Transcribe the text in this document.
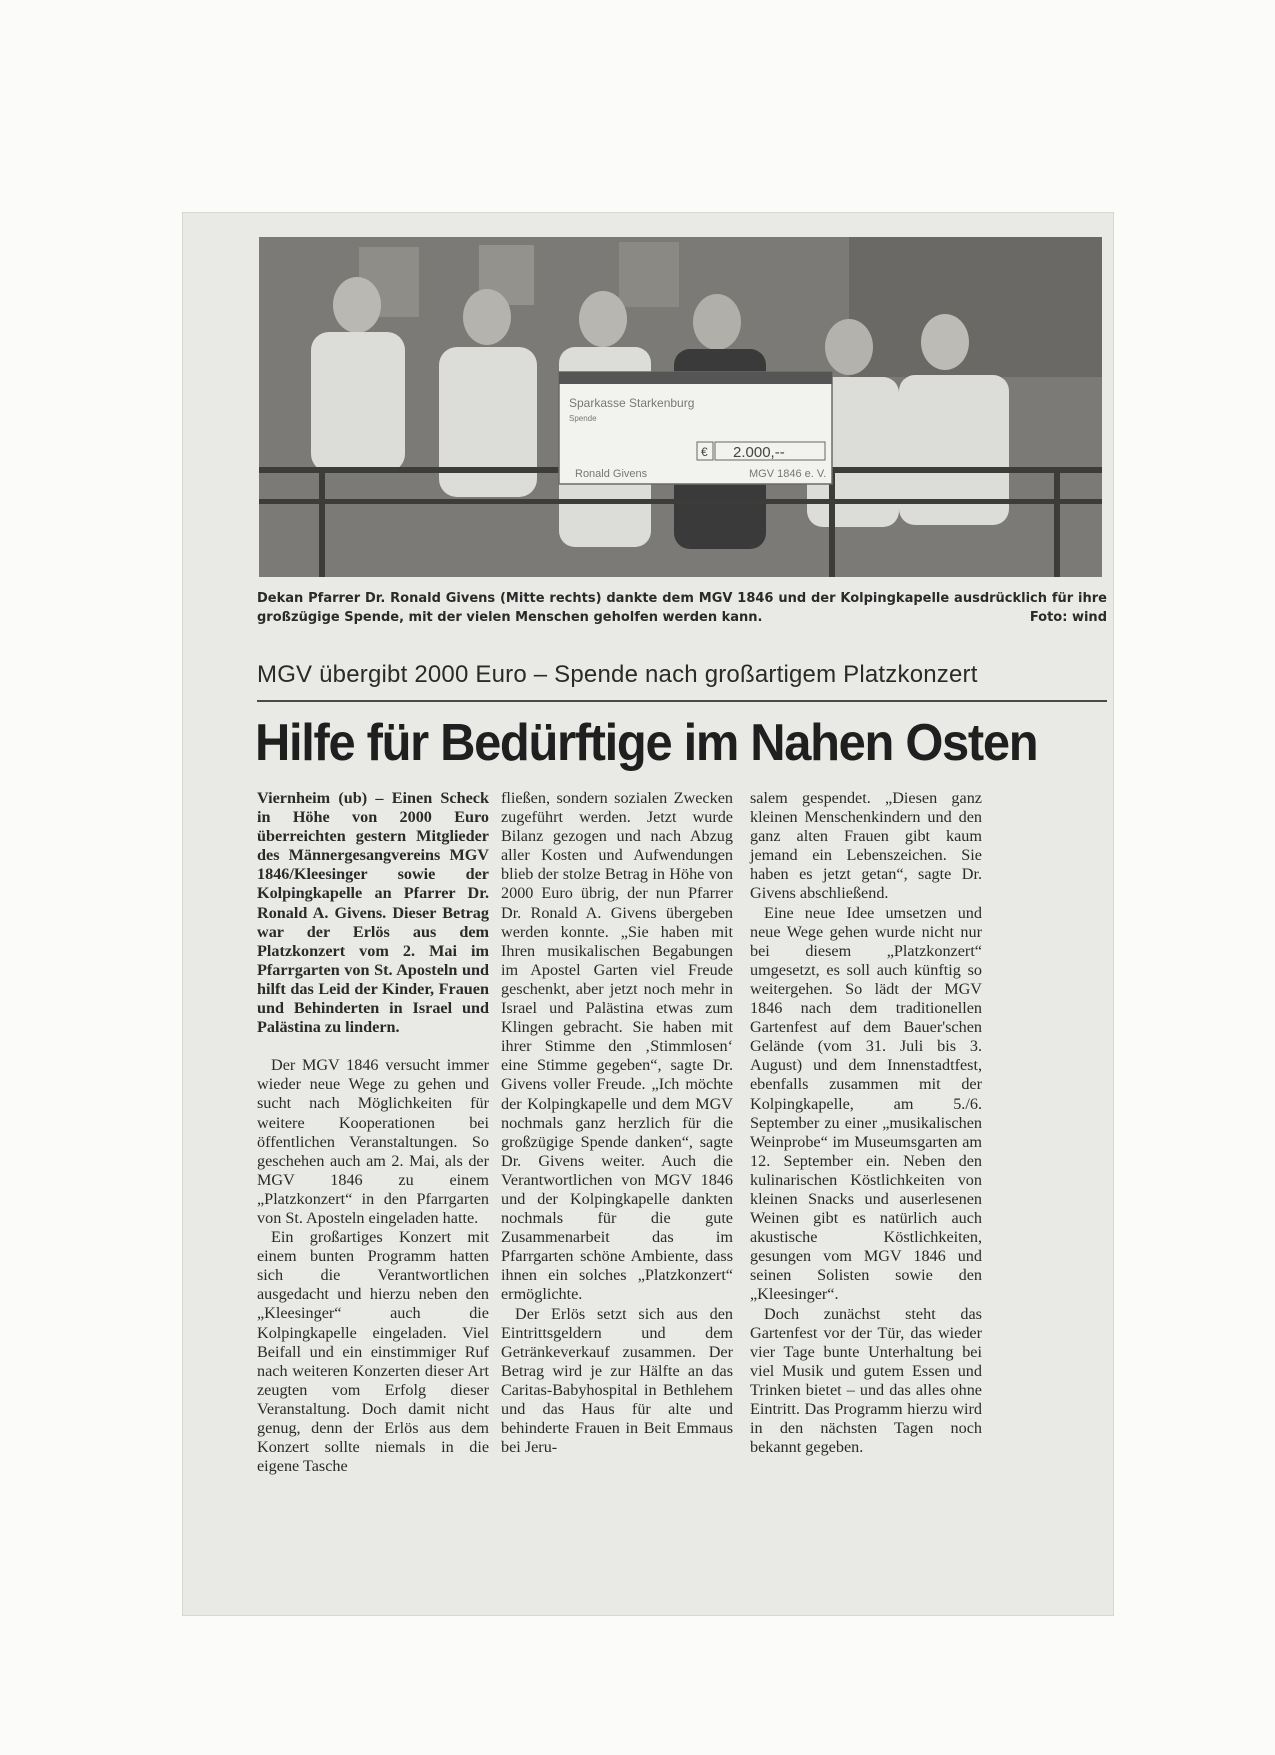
Sparkasse Starkenburg
Spende
€ 2.000,--
Ronald Givens	MGV 1846 e. V.
Dekan Pfarrer Dr. Ronald Givens (Mitte rechts) dankte dem MGV 1846 und der Kolpingkapelle ausdrücklich für ihre großzügige Spende, mit der vielen Menschen geholfen werden kann.	Foto: wind
MGV übergibt 2000 Euro – Spende nach großartigem Platzkonzert
Hilfe für Bedürftige im Nahen Osten

Viernheim (ub) – Einen Scheck in Höhe von 2000 Euro überreichten gestern Mitglieder des Männergesangvereins MGV 1846/Kleesinger sowie der Kolpingkapelle an Pfarrer Dr. Ronald A. Givens. Dieser Betrag war der Erlös aus dem Platzkonzert vom 2. Mai im Pfarrgarten von St. Aposteln und hilft das Leid der Kinder, Frauen und Behinderten in Israel und Palästina zu lindern.

Der MGV 1846 versucht immer wieder neue Wege zu gehen und sucht nach Möglichkeiten für weitere Kooperationen bei öffentlichen Veranstaltungen. So geschehen auch am 2. Mai, als der MGV 1846 zu einem „Platzkonzert“ in den Pfarrgarten von St. Aposteln eingeladen hatte.

Ein großartiges Konzert mit einem bunten Programm hatten sich die Verantwortlichen ausgedacht und hierzu neben den „Kleesinger“ auch die Kolpingkapelle eingeladen. Viel Beifall und ein einstimmiger Ruf nach weiteren Konzerten dieser Art zeugten vom Erfolg dieser Veranstaltung. Doch damit nicht genug, denn der Erlös aus dem Konzert sollte niemals in die eigene Tasche

fließen, sondern sozialen Zwecken zugeführt werden. Jetzt wurde Bilanz gezogen und nach Abzug aller Kosten und Aufwendungen blieb der stolze Betrag in Höhe von 2000 Euro übrig, der nun Pfarrer Dr. Ronald A. Givens übergeben werden konnte. „Sie haben mit Ihren musikalischen Begabungen im Apostel Garten viel Freude geschenkt, aber jetzt noch mehr in Israel und Palästina etwas zum Klingen gebracht. Sie haben mit ihrer Stimme den ‚Stimmlosen‘ eine Stimme gegeben“, sagte Dr. Givens voller Freude. „Ich möchte der Kolpingkapelle und dem MGV nochmals ganz herzlich für die großzügige Spende danken“, sagte Dr. Givens weiter. Auch die Verantwortlichen von MGV 1846 und der Kolpingkapelle dankten nochmals für die gute Zusammenarbeit das im Pfarrgarten schöne Ambiente, dass ihnen ein solches „Platzkonzert“ ermöglichte.

Der Erlös setzt sich aus den Eintrittsgeldern und dem Getränkeverkauf zusammen. Der Betrag wird je zur Hälfte an das Caritas-Babyhospital in Bethlehem und das Haus für alte und behinderte Frauen in Beit Emmaus bei Jeru-

salem gespendet. „Diesen ganz kleinen Menschenkindern und den ganz alten Frauen gibt kaum jemand ein Lebenszeichen. Sie haben es jetzt getan“, sagte Dr. Givens abschließend.

Eine neue Idee umsetzen und neue Wege gehen wurde nicht nur bei diesem „Platzkonzert“ umgesetzt, es soll auch künftig so weitergehen. So lädt der MGV 1846 nach dem traditionellen Gartenfest auf dem Bauer'schen Gelände (vom 31. Juli bis 3. August) und dem Innenstadtfest, ebenfalls zusammen mit der Kolpingkapelle, am 5./6. September zu einer „musikalischen Weinprobe“ im Museumsgarten am 12. September ein. Neben den kulinarischen Köstlichkeiten von kleinen Snacks und auserlesenen Weinen gibt es natürlich auch akustische Köstlichkeiten, gesungen vom MGV 1846 und seinen Solisten sowie den „Kleesinger“.

Doch zunächst steht das Gartenfest vor der Tür, das wieder vier Tage bunte Unterhaltung bei viel Musik und gutem Essen und Trinken bietet – und das alles ohne Eintritt. Das Programm hierzu wird in den nächsten Tagen noch bekannt gegeben.
